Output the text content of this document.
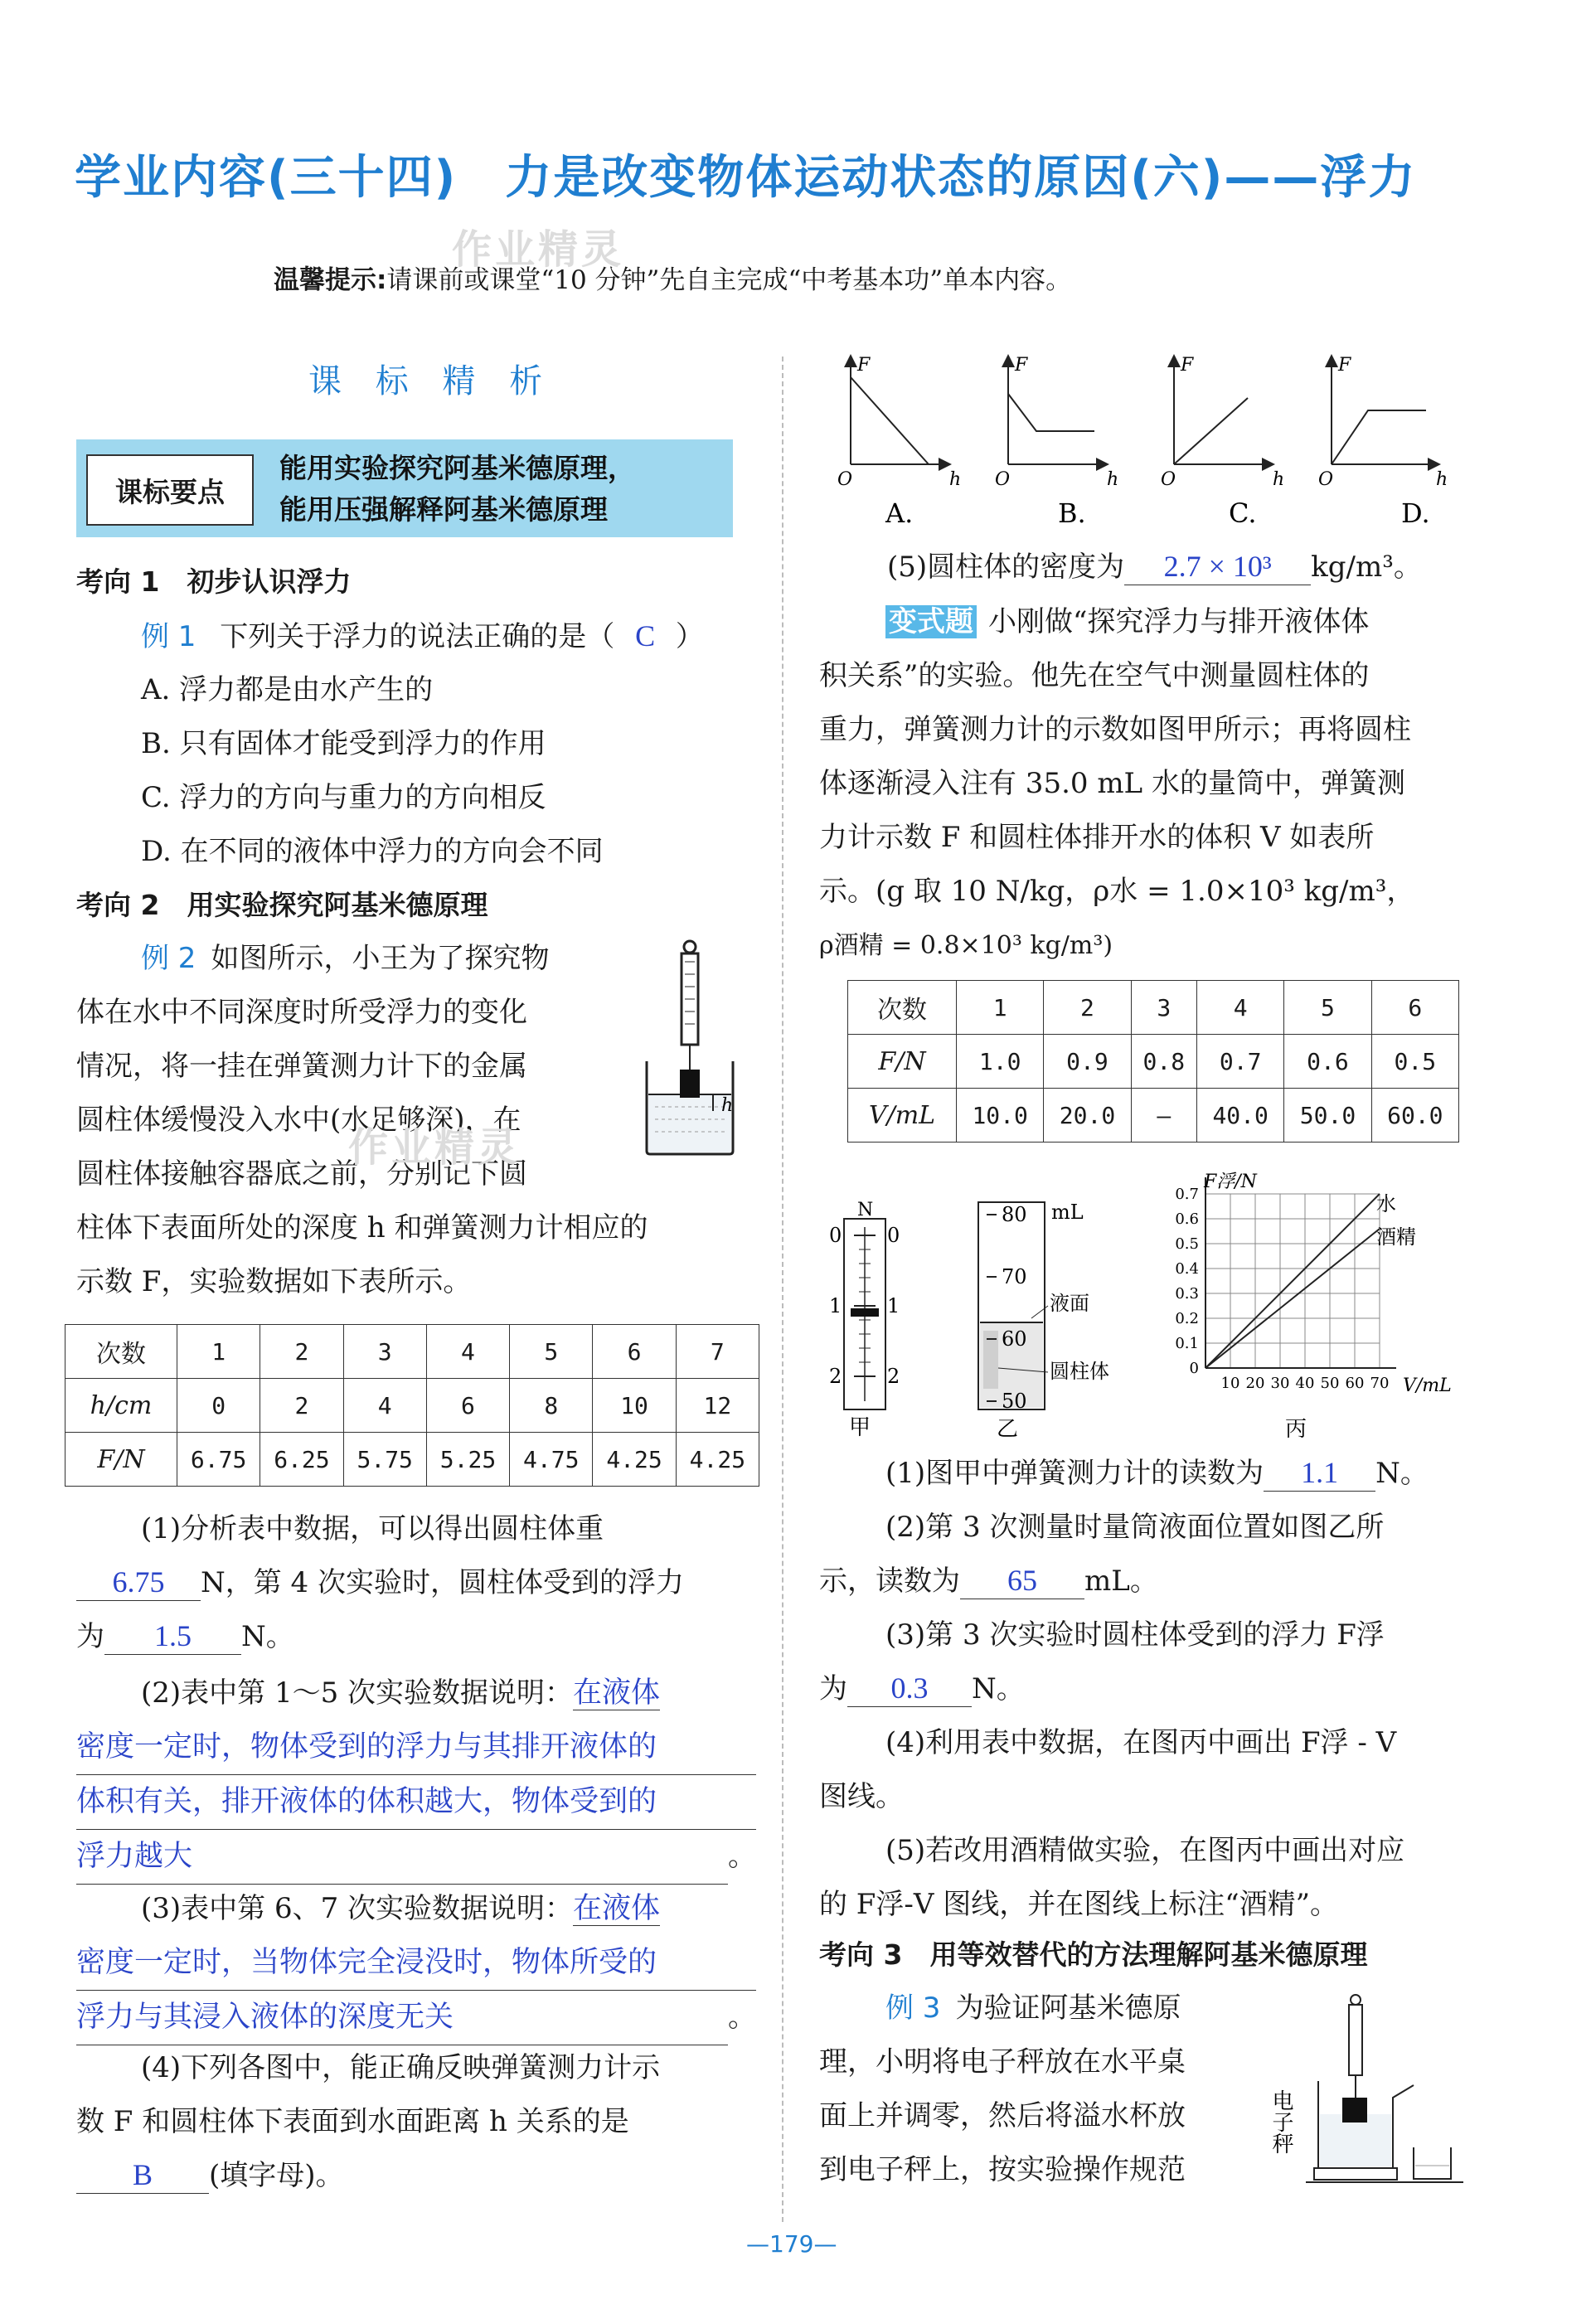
学业内容(三十四)　力是改变物体运动状态的原因(六)——浮力
作业精灵
温馨提示:请课前或课堂“10 分钟”先自主完成“中考基本功”单本内容。
课 标 精 析
课标要点
能用实验探究阿基米德原理，
能用压强解释阿基米德原理
考向 1　初步认识浮力
例 1 下列关于浮力的说法正确的是（ C ）
A. 浮力都是由水产生的
B. 只有固体才能受到浮力的作用
C. 浮力的方向与重力的方向相反
D. 在不同的液体中浮力的方向会不同
考向 2　用实验探究阿基米德原理
例 2 如图所示，小王为了探究物
体在水中不同深度时所受浮力的变化
情况，将一挂在弹簧测力计下的金属
圆柱体缓慢没入水中(水足够深)，在
圆柱体接触容器底之前，分别记下圆
柱体下表面所处的深度 h 和弹簧测力计相应的
示数 F，实验数据如下表所示。
作业精灵
h
次数	1	2	3	4	5	6	7
h/cm	0	2	4	6	8	10	12
F/N	6.75	6.25	5.75	5.25	4.75	4.25	4.25
(1)分析表中数据，可以得出圆柱体重
6.75 N，第 4 次实验时，圆柱体受到的浮力
为 1.5 N。
(2)表中第 1～5 次实验数据说明：在液体
密度一定时，物体受到的浮力与其排开液体的
体积有关，排开液体的体积越大，物体受到的
浮力越大	。
(3)表中第 6、7 次实验数据说明：在液体
密度一定时，当物体完全浸没时，物体所受的
浮力与其浸入液体的深度无关	。
(4)下列各图中，能正确反映弹簧测力计示
数 F 和圆柱体下表面到水面距离 h 关系的是
B (填字母)。
F
O	h
A.
F
O	h
B.
F
O	h
C.
F
O	h
D.
(5)圆柱体的密度为 2.7 × 10³ kg/m³。
变式题 小刚做“探究浮力与排开液体体
积关系”的实验。他先在空气中测量圆柱体的
重力，弹簧测力计的示数如图甲所示；再将圆柱
体逐渐浸入注有 35.0 mL 水的量筒中，弹簧测
力计示数 F 和圆柱体排开水的体积 V 如表所
示。(g 取 10 N/kg，ρ水 = 1.0×10³ kg/m³，
ρ酒精 = 0.8×10³ kg/m³)
次数	1	2	3	4	5	6
F/N	1.0	0.9	0.8	0.7	0.6	0.5
V/mL	10.0	20.0	—	40.0	50.0	60.0
N
0 0
1 1
2 2
甲
80
70
60
50
mL
液面
圆柱体
乙
0.7
0.6
0.5
0.4
0.3
0.2
0.1
0
10 20 30 40 50 60 70
F浮/N
V/mL
水
酒精
丙
(1)图甲中弹簧测力计的读数为 1.1 N。
(2)第 3 次测量时量筒液面位置如图乙所
示，读数为 65 mL。
(3)第 3 次实验时圆柱体受到的浮力 F浮
为 0.3 N。
(4)利用表中数据，在图丙中画出 F浮 - V
图线。
(5)若改用酒精做实验，在图丙中画出对应
的 F浮-V 图线，并在图线上标注“酒精”。
考向 3　用等效替代的方法理解阿基米德原理
例 3 为验证阿基米德原
理，小明将电子秤放在水平桌
面上并调零，然后将溢水杯放
到电子秤上，按实验操作规范
电子秤
—179—
